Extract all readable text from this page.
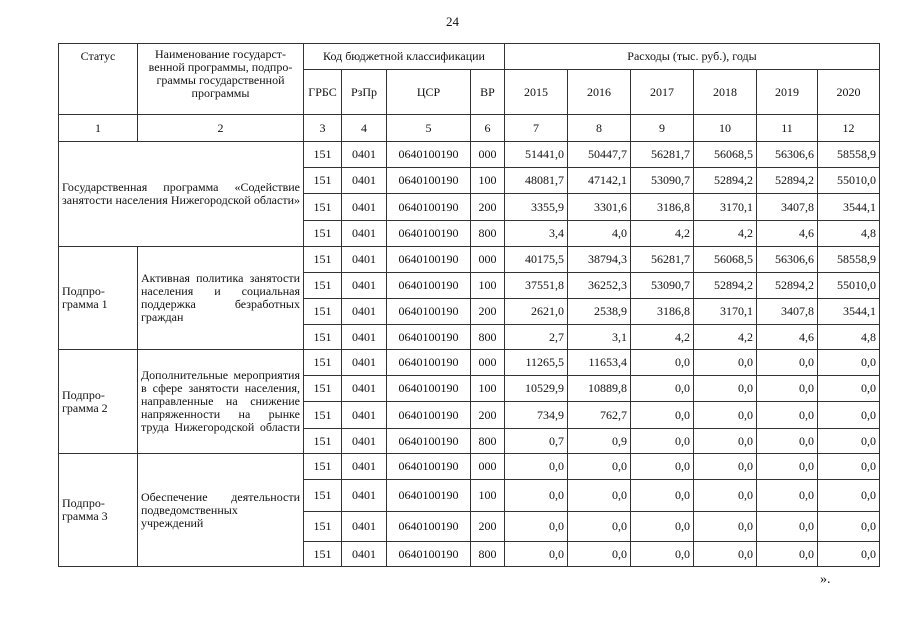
24
Статус	Наименование государст-венной программы, подпро-граммы государственной программы	Код бюджетной классификации				Расходы (тыс. руб.), годы					
		ГРБС	РзПр	ЦСР	ВР	2015	2016	2017	2018	2019	2020
1	2	3	4	5	6	7	8	9	10	11	12
Государственная программа «Содействие занятости населения Нижегородской области»		151	0401	0640100190	000	51441,0	50447,7	56281,7	56068,5	56306,6	58558,9
		151	0401	0640100190	100	48081,7	47142,1	53090,7	52894,2	52894,2	55010,0
		151	0401	0640100190	200	3355,9	3301,6	3186,8	3170,1	3407,8	3544,1
		151	0401	0640100190	800	3,4	4,0	4,2	4,2	4,6	4,8
Подпро-грамма 1	Активная политика занятости населения и социальная поддержка безработных граждан	151	0401	0640100190	000	40175,5	38794,3	56281,7	56068,5	56306,6	58558,9
		151	0401	0640100190	100	37551,8	36252,3	53090,7	52894,2	52894,2	55010,0
		151	0401	0640100190	200	2621,0	2538,9	3186,8	3170,1	3407,8	3544,1
		151	0401	0640100190	800	2,7	3,1	4,2	4,2	4,6	4,8
Подпро-грамма 2	Дополнительные мероприятия в сфере занятости населения, направленные на снижение напряженности на рынке труда Нижегородской области	151	0401	0640100190	000	11265,5	11653,4	0,0	0,0	0,0	0,0
		151	0401	0640100190	100	10529,9	10889,8	0,0	0,0	0,0	0,0
		151	0401	0640100190	200	734,9	762,7	0,0	0,0	0,0	0,0
		151	0401	0640100190	800	0,7	0,9	0,0	0,0	0,0	0,0
Подпро-грамма 3	Обеспечение деятельности подведомственных учреждений	151	0401	0640100190	000	0,0	0,0	0,0	0,0	0,0	0,0
		151	0401	0640100190	100	0,0	0,0	0,0	0,0	0,0	0,0
		151	0401	0640100190	200	0,0	0,0	0,0	0,0	0,0	0,0
		151	0401	0640100190	800	0,0	0,0	0,0	0,0	0,0	0,0
».
